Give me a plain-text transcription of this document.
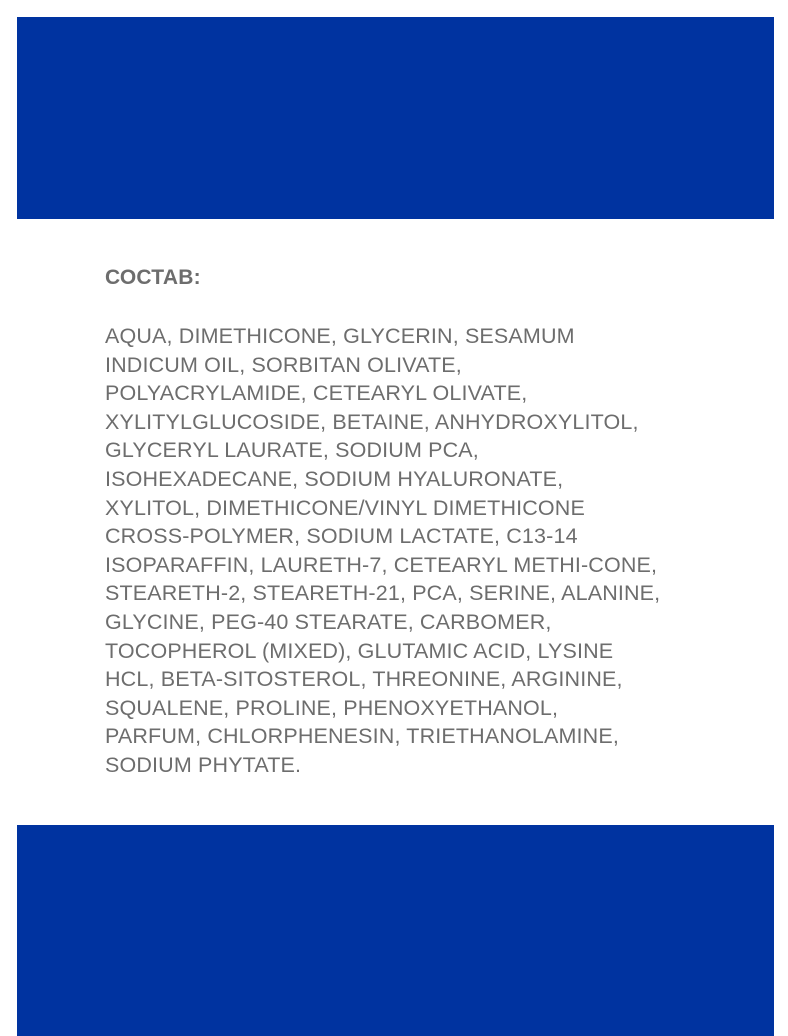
СОСТАВ:

AQUA, DIMETHICONE, GLYCERIN, SESAMUM
INDICUM OIL, SORBITAN OLIVATE,
POLYACRYLAMIDE, CETEARYL OLIVATE,
XYLITYLGLUCOSIDE, BETAINE, ANHYDROXYLITOL,
GLYCERYL LAURATE, SODIUM PCA,
ISOHEXADECANE, SODIUM HYALURONATE,
XYLITOL, DIMETHICONE/VINYL DIMETHICONE
CROSS-POLYMER, SODIUM LACTATE, C13-14
ISOPARAFFIN, LAURETH-7, CETEARYL METHI-CONE,
STEARETH-2, STEARETH-21, PCA, SERINE, ALANINE,
GLYCINE, PEG-40 STEARATE, CARBOMER,
TOCOPHEROL (MIXED), GLUTAMIC ACID, LYSINE
HCL, BETA-SITOSTEROL, THREONINE, ARGININE,
SQUALENE, PROLINE, PHENOXYETHANOL,
PARFUM, CHLORPHENESIN, TRIETHANOLAMINE,
SODIUM PHYTATE.
